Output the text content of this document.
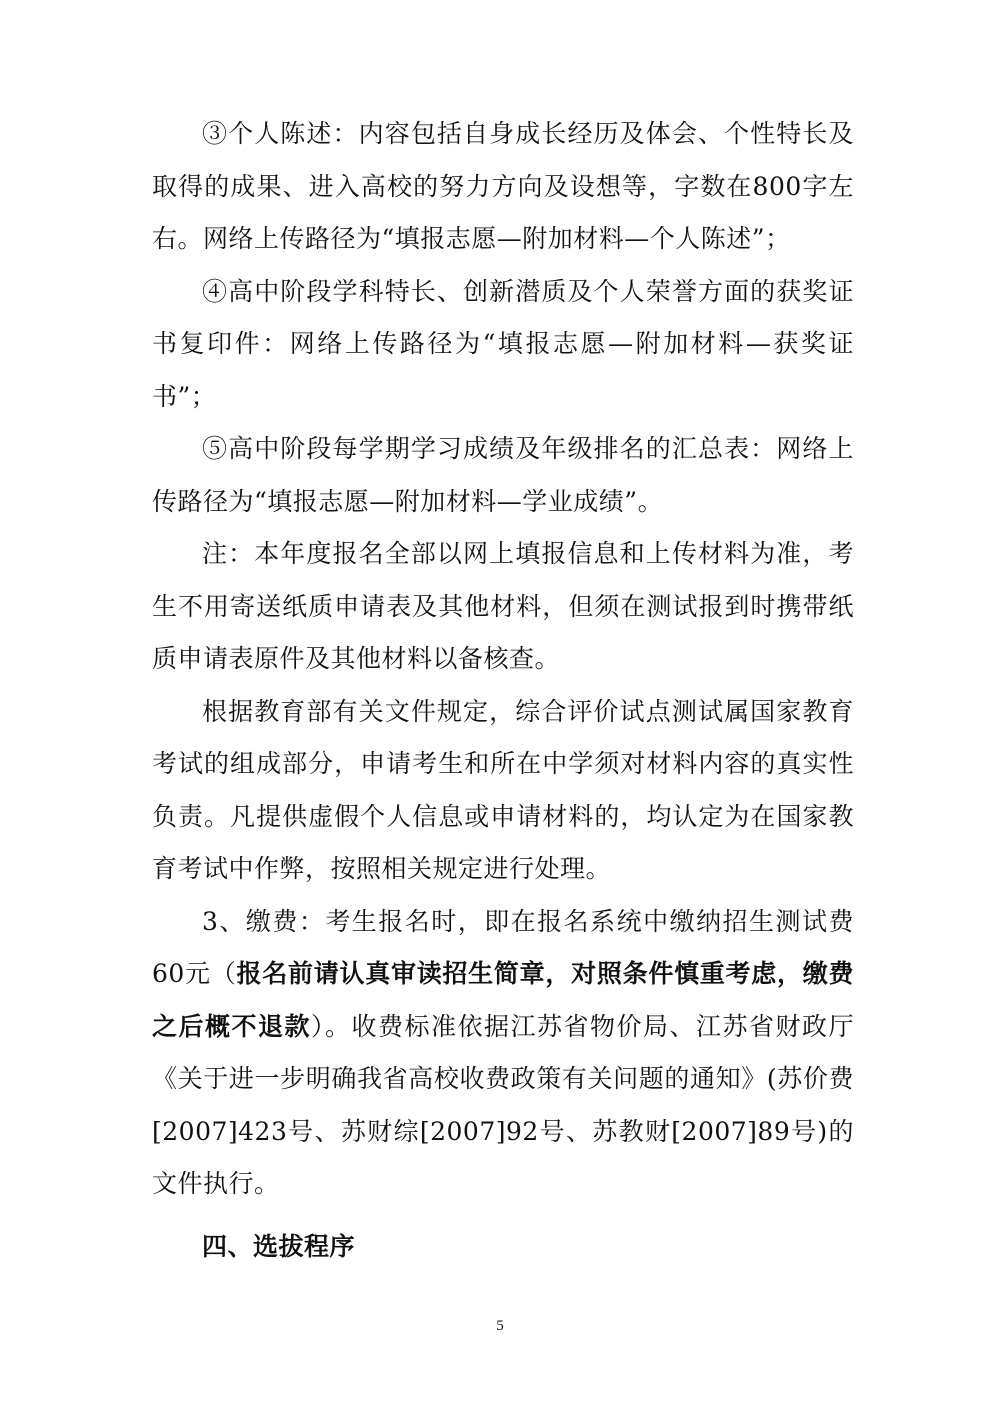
③个人陈述：内容包括自身成长经历及体会、个性特长及取得的成果、进入高校的努力方向及设想等，字数在800字左右。网络上传路径为“填报志愿—附加材料—个人陈述”；

④高中阶段学科特长、创新潜质及个人荣誉方面的获奖证书复印件：网络上传路径为“填报志愿—附加材料—获奖证书”；

⑤高中阶段每学期学习成绩及年级排名的汇总表：网络上传路径为“填报志愿—附加材料—学业成绩”。

注：本年度报名全部以网上填报信息和上传材料为准，考生不用寄送纸质申请表及其他材料，但须在测试报到时携带纸质申请表原件及其他材料以备核查。

根据教育部有关文件规定，综合评价试点测试属国家教育考试的组成部分，申请考生和所在中学须对材料内容的真实性负责。凡提供虚假个人信息或申请材料的，均认定为在国家教育考试中作弊，按照相关规定进行处理。

3、缴费：考生报名时，即在报名系统中缴纳招生测试费60元（报名前请认真审读招生简章，对照条件慎重考虑，缴费之后概不退款）。收费标准依据江苏省物价局、江苏省财政厅《关于进一步明确我省高校收费政策有关问题的通知》(苏价费[2007]423号、苏财综[2007]92号、苏教财[2007]89号)的文件执行。

四、选拔程序

5
